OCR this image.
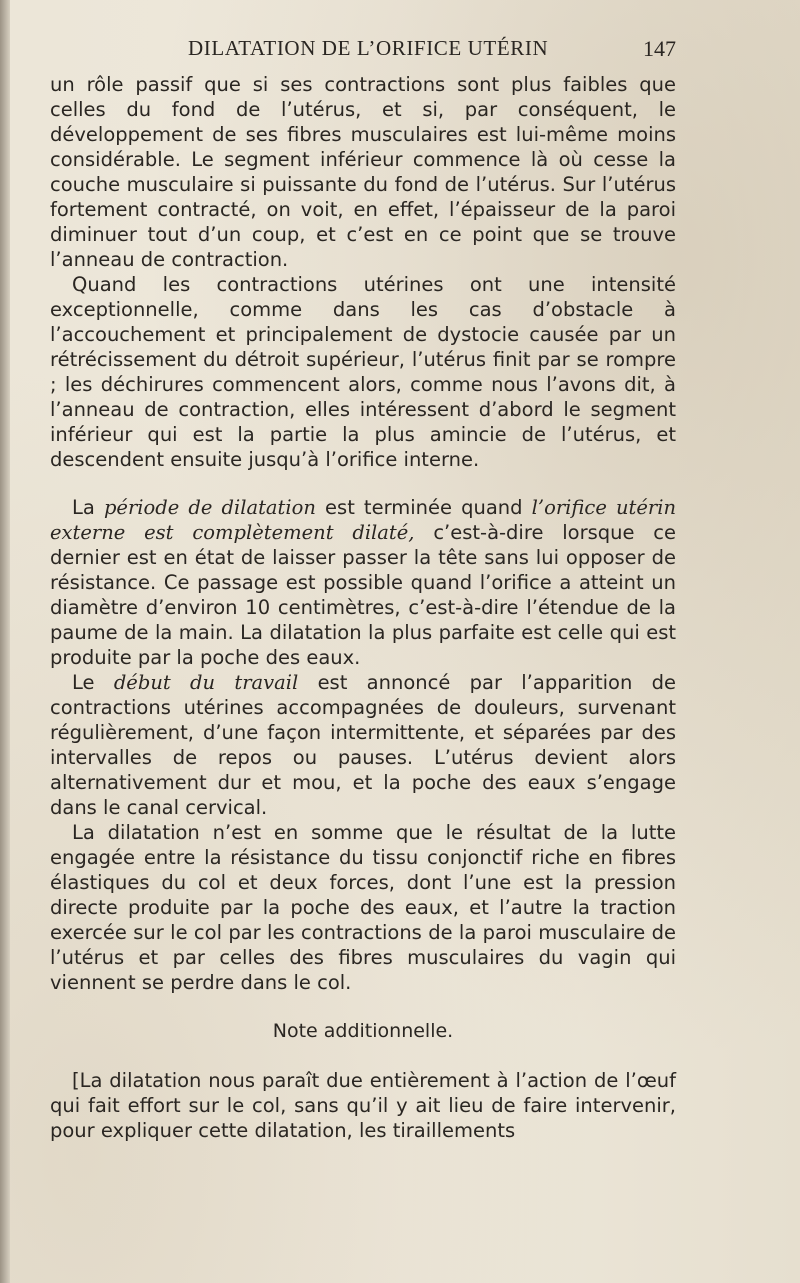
DILATATION DE L’ORIFICE UTÉRIN	147

un rôle passif que si ses contractions sont plus faibles que celles du fond de l’utérus, et si, par conséquent, le développement de ses fibres musculaires est lui-même moins considérable. Le segment inférieur commence là où cesse la couche musculaire si puissante du fond de l’utérus. Sur l’utérus fortement contracté, on voit, en effet, l’épaisseur de la paroi diminuer tout d’un coup, et c’est en ce point que se trouve l’anneau de contraction.

Quand les contractions utérines ont une intensité exceptionnelle, comme dans les cas d’obstacle à l’accouchement et principalement de dystocie causée par un rétrécissement du détroit supérieur, l’utérus finit par se rompre ; les déchirures commencent alors, comme nous l’avons dit, à l’anneau de contraction, elles intéressent d’abord le segment inférieur qui est la partie la plus amincie de l’utérus, et descendent ensuite jusqu’à l’orifice interne.

La période de dilatation est terminée quand l’orifice utérin externe est complètement dilaté, c’est-à-dire lorsque ce dernier est en état de laisser passer la tête sans lui opposer de résistance. Ce passage est possible quand l’orifice a atteint un diamètre d’environ 10 centimètres, c’est-à-dire l’étendue de la paume de la main. La dilatation la plus parfaite est celle qui est produite par la poche des eaux.

Le début du travail est annoncé par l’apparition de contractions utérines accompagnées de douleurs, survenant régulièrement, d’une façon intermittente, et séparées par des intervalles de repos ou pauses. L’utérus devient alors alternativement dur et mou, et la poche des eaux s’engage dans le canal cervical.

La dilatation n’est en somme que le résultat de la lutte engagée entre la résistance du tissu conjonctif riche en fibres élastiques du col et deux forces, dont l’une est la pression directe produite par la poche des eaux, et l’autre la traction exercée sur le col par les contractions de la paroi musculaire de l’utérus et par celles des fibres musculaires du vagin qui viennent se perdre dans le col.

Note additionnelle.

[La dilatation nous paraît due entièrement à l’action de l’œuf qui fait effort sur le col, sans qu’il y ait lieu de faire intervenir, pour expliquer cette dilatation, les tiraillements
